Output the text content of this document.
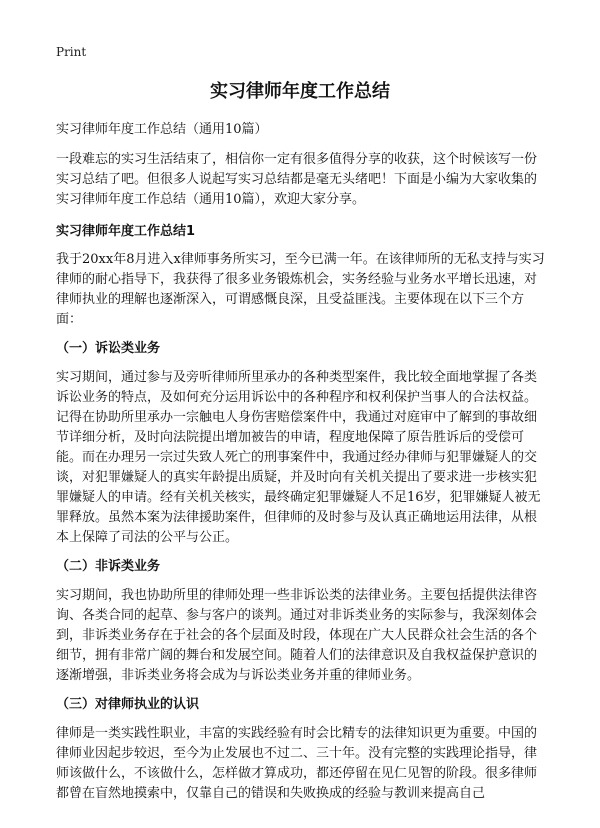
Print
实习律师年度工作总结
实习律师年度工作总结（通用10篇）

一段难忘的实习生活结束了，相信你一定有很多值得分享的收获，这个时候该写一份实习总结了吧。但很多人说起写实习总结都是毫无头绪吧！下面是小编为大家收集的实习律师年度工作总结（通用10篇），欢迎大家分享。

实习律师年度工作总结1

我于20xx年8月进入x律师事务所实习，至今已满一年。在该律师所的无私支持与实习律师的耐心指导下，我获得了很多业务锻炼机会，实务经验与业务水平增长迅速，对律师执业的理解也逐渐深入，可谓感慨良深，且受益匪浅。主要体现在以下三个方面：

（一）诉讼类业务

实习期间，通过参与及旁听律师所里承办的各种类型案件，我比较全面地掌握了各类诉讼业务的特点，及如何充分运用诉讼中的各种程序和权利保护当事人的合法权益。记得在协助所里承办一宗触电人身伤害赔偿案件中，我通过对庭审中了解到的事故细节详细分析，及时向法院提出增加被告的申请，程度地保障了原告胜诉后的受偿可能。而在办理另一宗过失致人死亡的刑事案件中，我通过经办律师与犯罪嫌疑人的交谈，对犯罪嫌疑人的真实年龄提出质疑，并及时向有关机关提出了要求进一步核实犯罪嫌疑人的申请。经有关机关核实，最终确定犯罪嫌疑人不足16岁，犯罪嫌疑人被无罪释放。虽然本案为法律援助案件，但律师的及时参与及认真正确地运用法律，从根本上保障了司法的公平与公正。

（二）非诉类业务

实习期间，我也协助所里的律师处理一些非诉讼类的法律业务。主要包括提供法律咨询、各类合同的起草、参与客户的谈判。通过对非诉类业务的实际参与，我深刻体会到，非诉类业务存在于社会的各个层面及时段，体现在广大人民群众社会生活的各个细节，拥有非常广阔的舞台和发展空间。随着人们的法律意识及自我权益保护意识的逐渐增强，非诉类业务将会成为与诉讼类业务并重的律师业务。

（三）对律师执业的认识

律师是一类实践性职业，丰富的实践经验有时会比精专的法律知识更为重要。中国的律师业因起步较迟，至今为止发展也不过二、三十年。没有完整的实践理论指导，律师该做什么，不该做什么，怎样做才算成功，都还停留在见仁见智的阶段。很多律师都曾在盲然地摸索中，仅靠自己的错误和失败换成的经验与教训来提高自己
